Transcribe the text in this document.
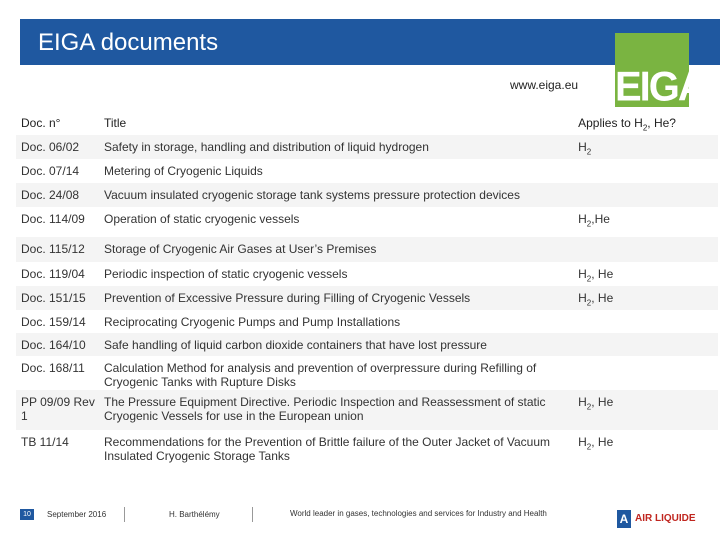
EIGA documents
EIGA
www.eiga.eu
Doc. n°	Title	Applies to $H_2$, He?
Doc. 06/02	Safety in storage, handling and distribution of liquid hydrogen	$H_2$
Doc. 07/14	Metering of Cryogenic Liquids	
Doc. 24/08	Vacuum insulated cryogenic storage tank systems pressure protection devices	
Doc. 114/09	Operation of static cryogenic vessels	$H_2,He$
Doc. 115/12	Storage of Cryogenic Air Gases at User’s Premises	
Doc. 119/04	Periodic inspection of static cryogenic vessels	$H_2$, He
Doc. 151/15	Prevention of Excessive Pressure during Filling of Cryogenic Vessels	$H_2$, He
Doc. 159/14	Reciprocating Cryogenic Pumps and Pump Installations	
Doc. 164/10	Safe handling of liquid carbon dioxide containers that have lost pressure	
Doc. 168/11	Calculation Method for analysis and prevention of overpressure during Refilling of Cryogenic Tanks with Rupture Disks	
PP 09/09 Rev 1	The Pressure Equipment Directive. Periodic Inspection and Reassessment of static Cryogenic Vessels for use in the European union	$H_2$, He
TB 11/14	Recommendations for the Prevention of Brittle failure of the Outer Jacket of Vacuum Insulated Cryogenic Storage Tanks	$H_2$, He
10	September 2016	H. Barthélémy	World leader in gases, technologies and services for Industry and Health	A AIR LIQUIDE
